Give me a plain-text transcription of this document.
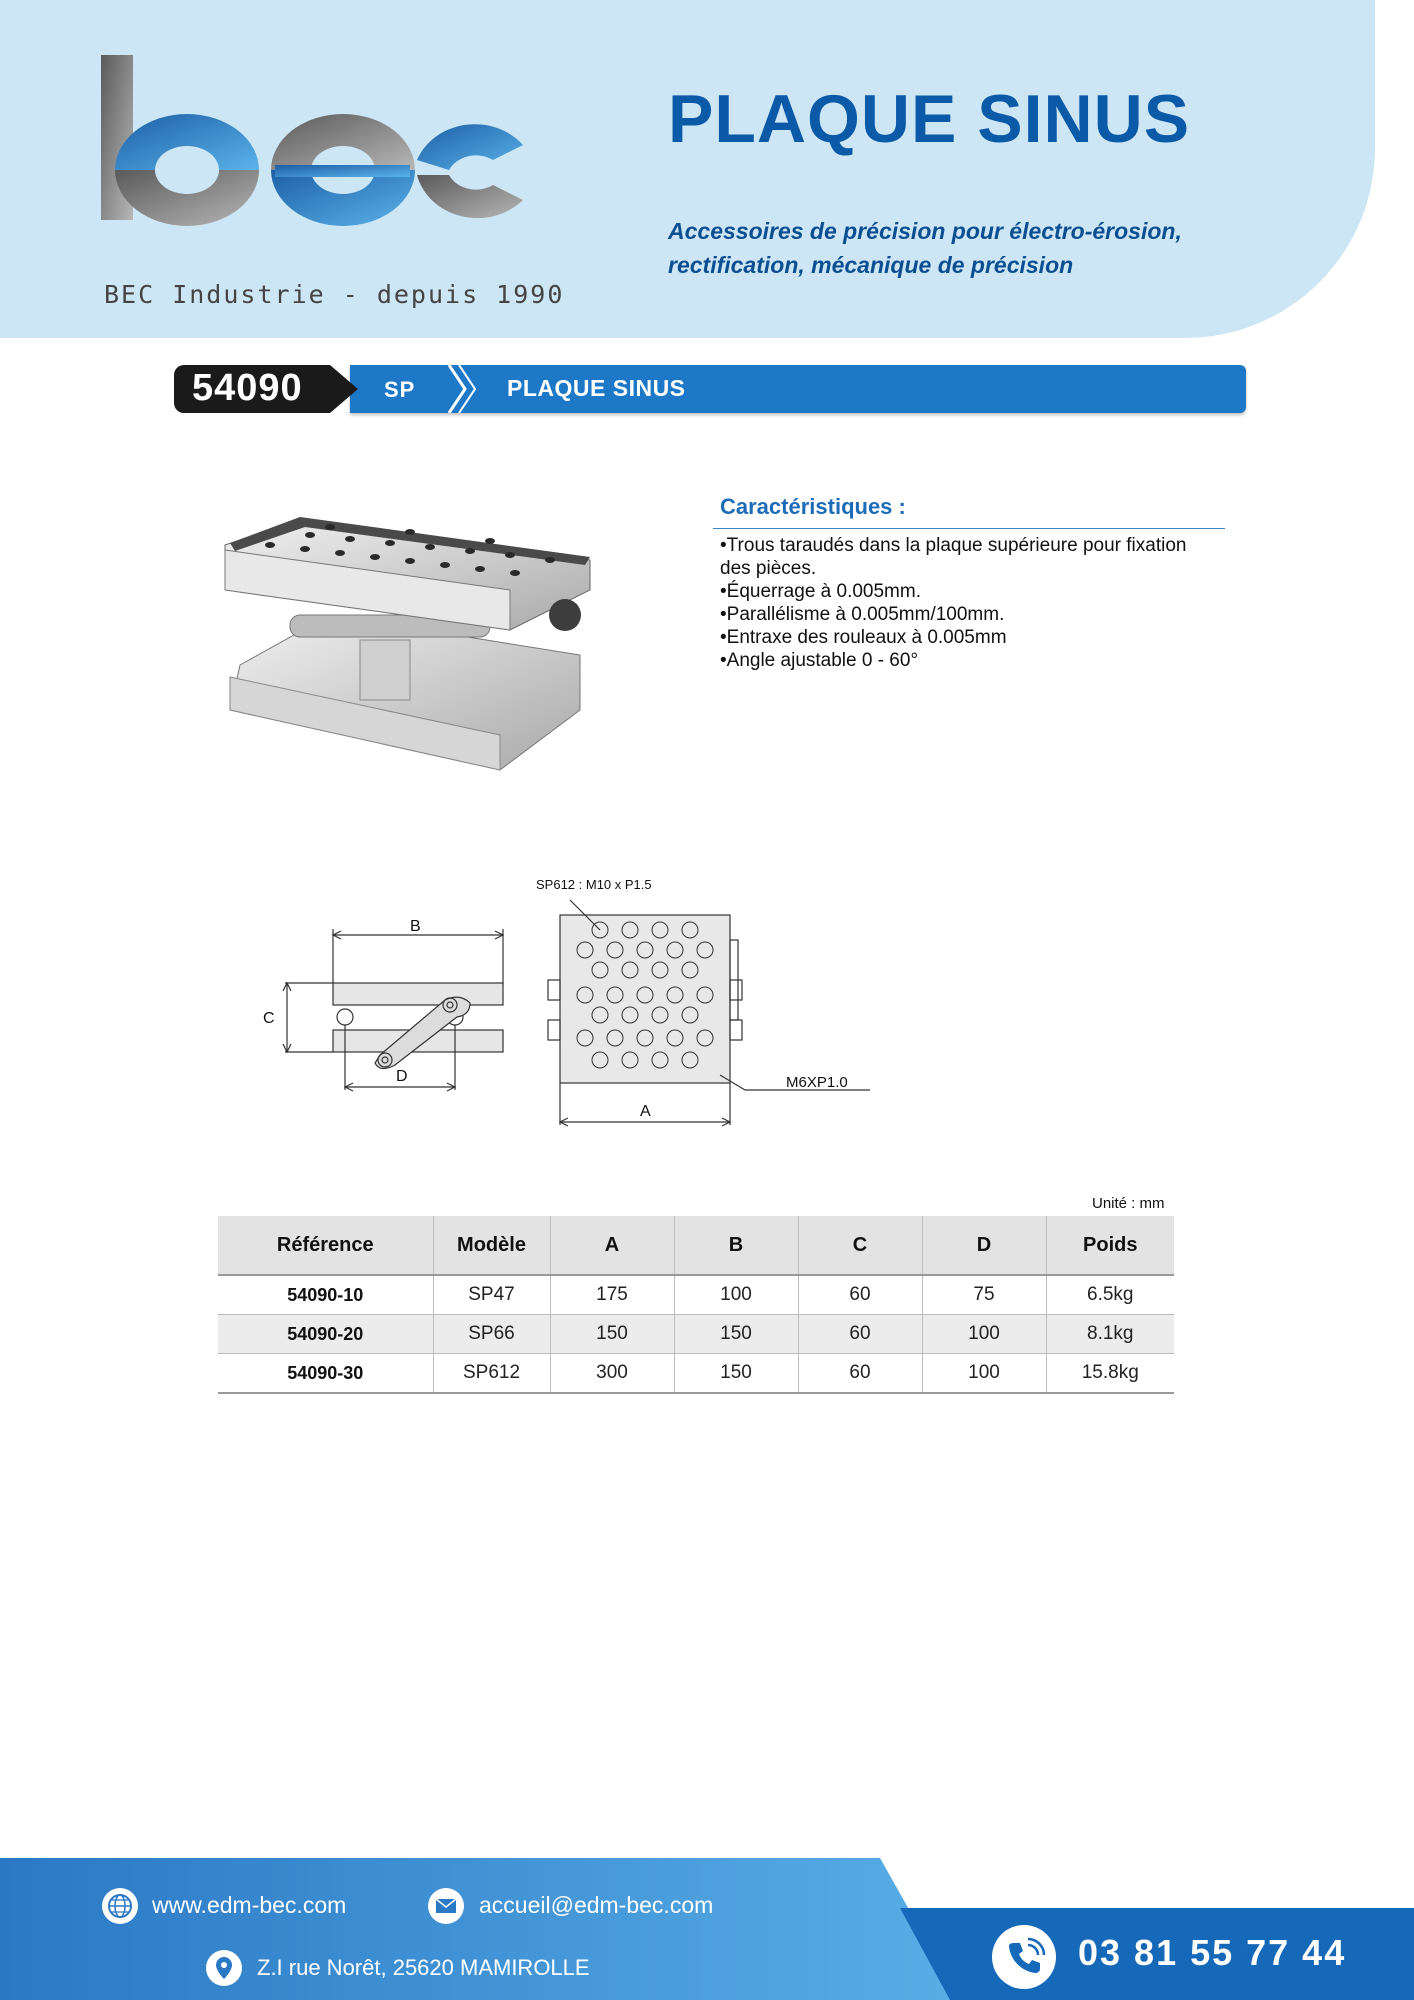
BEC Industrie - depuis 1990
PLAQUE SINUS
Accessoires de précision pour électro-érosion,
rectification, mécanique de précision
54090	SP	PLAQUE SINUS
Caractéristiques :
•Trous taraudés dans la plaque supérieure pour fixation des pièces.
•Équerrage à 0.005mm.
•Parallélisme à 0.005mm/100mm.
•Entraxe des rouleaux à 0.005mm
•Angle ajustable 0 - 60°
B
C
D
SP612 : M10 x P1.5
M6XP1.0
A
Unité : mm
Référence	Modèle	A	B	C	D	Poids
54090-10	SP47	175	100	60	75	6.5kg
54090-20	SP66	150	150	60	100	8.1kg
54090-30	SP612	300	150	60	100	15.8kg
www.edm-bec.com	accueil@edm-bec.com
Z.I rue Norêt, 25620 MAMIROLLE	03 81 55 77 44
